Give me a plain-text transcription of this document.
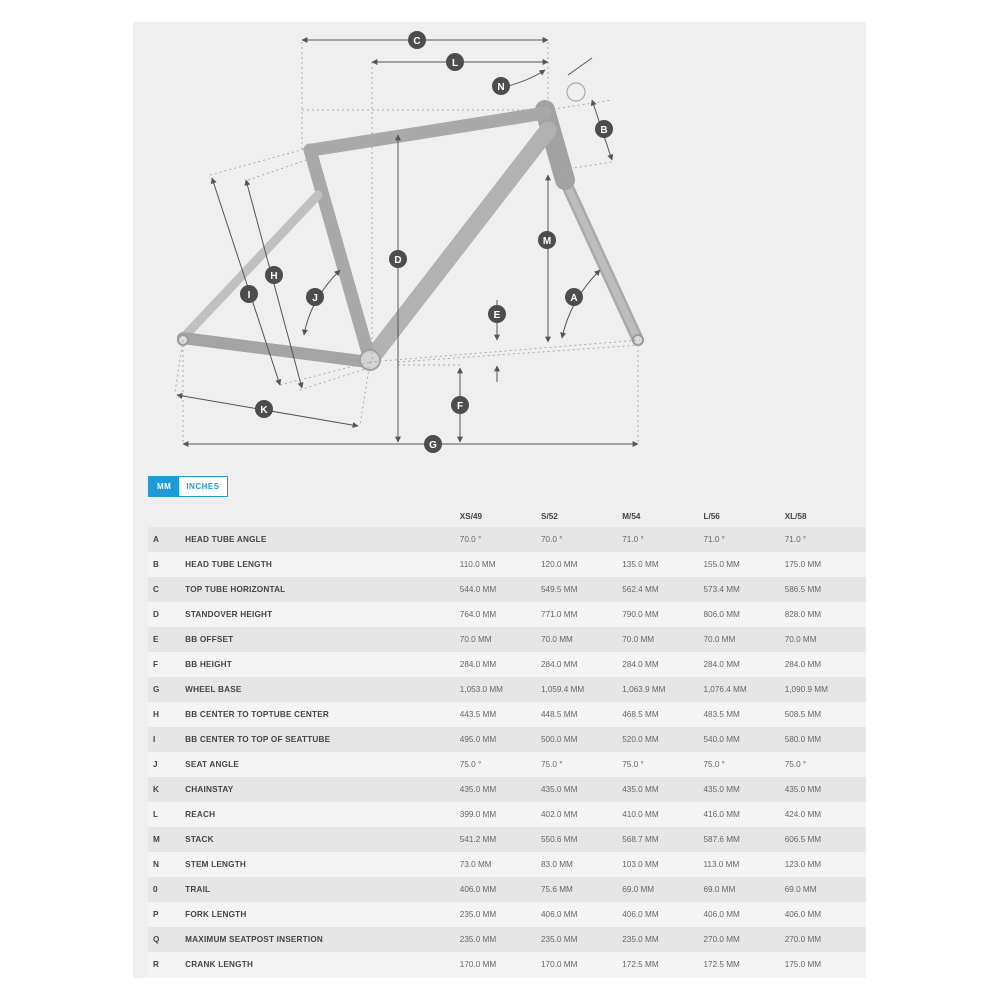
C
L
N
B
M
D
A
E
F
G
H
I	J
K
MM	INCHES
		XS/49	S/52	M/54	L/56	XL/58
A	HEAD TUBE ANGLE	70.0 °	70.0 °	71.0 °	71.0 °	71.0 °
B	HEAD TUBE LENGTH	110.0 MM	120.0 MM	135.0 MM	155.0 MM	175.0 MM
C	TOP TUBE HORIZONTAL	544.0 MM	549.5 MM	562.4 MM	573.4 MM	586.5 MM
D	STANDOVER HEIGHT	764.0 MM	771.0 MM	790.0 MM	806.0 MM	828.0 MM
E	BB OFFSET	70.0 MM	70.0 MM	70.0 MM	70.0 MM	70.0 MM
F	BB HEIGHT	284.0 MM	284.0 MM	284.0 MM	284.0 MM	284.0 MM
G	WHEEL BASE	1,053.0 MM	1,059.4 MM	1,063.9 MM	1,076.4 MM	1,090.9 MM
H	BB CENTER TO TOPTUBE CENTER	443.5 MM	448.5 MM	468.5 MM	483.5 MM	508.5 MM
I	BB CENTER TO TOP OF SEATTUBE	495.0 MM	500.0 MM	520.0 MM	540.0 MM	580.0 MM
J	SEAT ANGLE	75.0 °	75.0 °	75.0 °	75.0 °	75.0 °
K	CHAINSTAY	435.0 MM	435.0 MM	435.0 MM	435.0 MM	435.0 MM
L	REACH	399.0 MM	402.0 MM	410.0 MM	416.0 MM	424.0 MM
M	STACK	541.2 MM	550.6 MM	568.7 MM	587.6 MM	606.5 MM
N	STEM LENGTH	73.0 MM	83.0 MM	103.0 MM	113.0 MM	123.0 MM
0	TRAIL	406.0 MM	75.6 MM	69.0 MM	69.0 MM	69.0 MM
P	FORK LENGTH	235.0 MM	406.0 MM	406.0 MM	406.0 MM	406.0 MM
Q	MAXIMUM SEATPOST INSERTION	235.0 MM	235.0 MM	235.0 MM	270.0 MM	270.0 MM
R	CRANK LENGTH	170.0 MM	170.0 MM	172.5 MM	172.5 MM	175.0 MM
